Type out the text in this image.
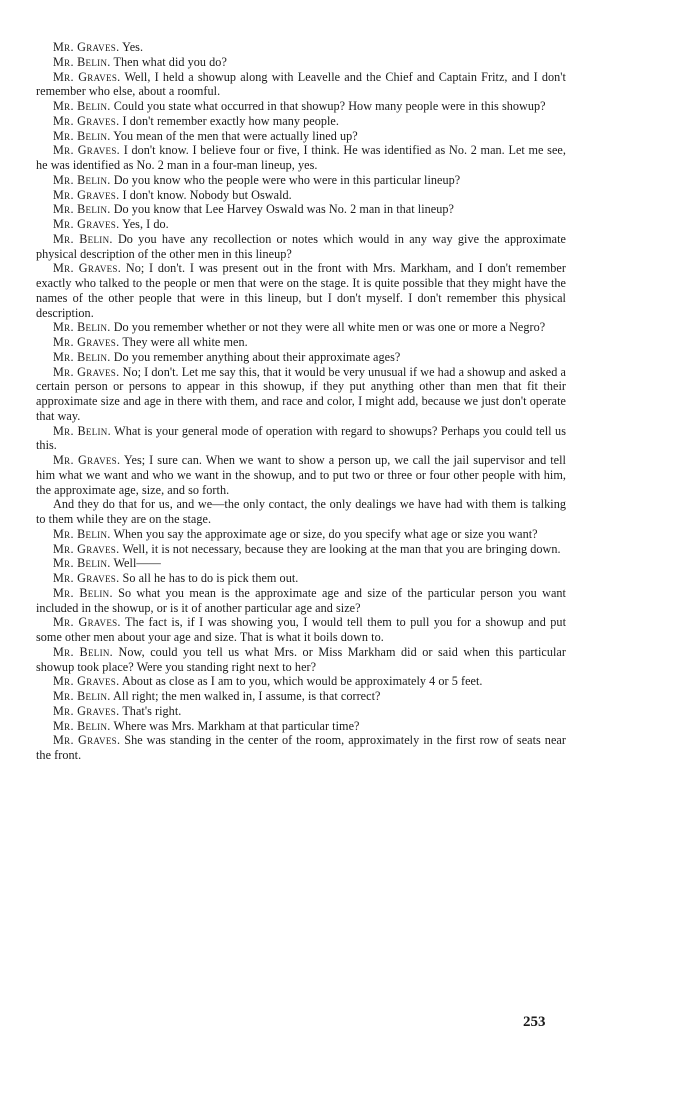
Mr. Graves. Yes.

Mr. Belin. Then what did you do?

Mr. Graves. Well, I held a showup along with Leavelle and the Chief and Captain Fritz, and I don't remember who else, about a roomful.

Mr. Belin. Could you state what occurred in that showup? How many people were in this showup?

Mr. Graves. I don't remember exactly how many people.

Mr. Belin. You mean of the men that were actually lined up?

Mr. Graves. I don't know. I believe four or five, I think. He was identified as No. 2 man. Let me see, he was identified as No. 2 man in a four-man lineup, yes.

Mr. Belin. Do you know who the people were who were in this particular lineup?

Mr. Graves. I don't know. Nobody but Oswald.

Mr. Belin. Do you know that Lee Harvey Oswald was No. 2 man in that lineup?

Mr. Graves. Yes, I do.

Mr. Belin. Do you have any recollection or notes which would in any way give the approximate physical description of the other men in this lineup?

Mr. Graves. No; I don't. I was present out in the front with Mrs. Markham, and I don't remember exactly who talked to the people or men that were on the stage. It is quite possible that they might have the names of the other people that were in this lineup, but I don't myself. I don't remember this physical description.

Mr. Belin. Do you remember whether or not they were all white men or was one or more a Negro?

Mr. Graves. They were all white men.

Mr. Belin. Do you remember anything about their approximate ages?

Mr. Graves. No; I don't. Let me say this, that it would be very unusual if we had a showup and asked a certain person or persons to appear in this showup, if they put anything other than men that fit their approximate size and age in there with them, and race and color, I might add, because we just don't operate that way.

Mr. Belin. What is your general mode of operation with regard to showups? Perhaps you could tell us this.

Mr. Graves. Yes; I sure can. When we want to show a person up, we call the jail supervisor and tell him what we want and who we want in the showup, and to put two or three or four other people with him, the approximate age, size, and so forth.

And they do that for us, and we—the only contact, the only dealings we have had with them is talking to them while they are on the stage.

Mr. Belin. When you say the approximate age or size, do you specify what age or size you want?

Mr. Graves. Well, it is not necessary, because they are looking at the man that you are bringing down.

Mr. Belin. Well——

Mr. Graves. So all he has to do is pick them out.

Mr. Belin. So what you mean is the approximate age and size of the particular person you want included in the showup, or is it of another particular age and size?

Mr. Graves. The fact is, if I was showing you, I would tell them to pull you for a showup and put some other men about your age and size. That is what it boils down to.

Mr. Belin. Now, could you tell us what Mrs. or Miss Markham did or said when this particular showup took place? Were you standing right next to her?

Mr. Graves. About as close as I am to you, which would be approximately 4 or 5 feet.

Mr. Belin. All right; the men walked in, I assume, is that correct?

Mr. Graves. That's right.

Mr. Belin. Where was Mrs. Markham at that particular time?

Mr. Graves. She was standing in the center of the room, approximately in the first row of seats near the front.

253
